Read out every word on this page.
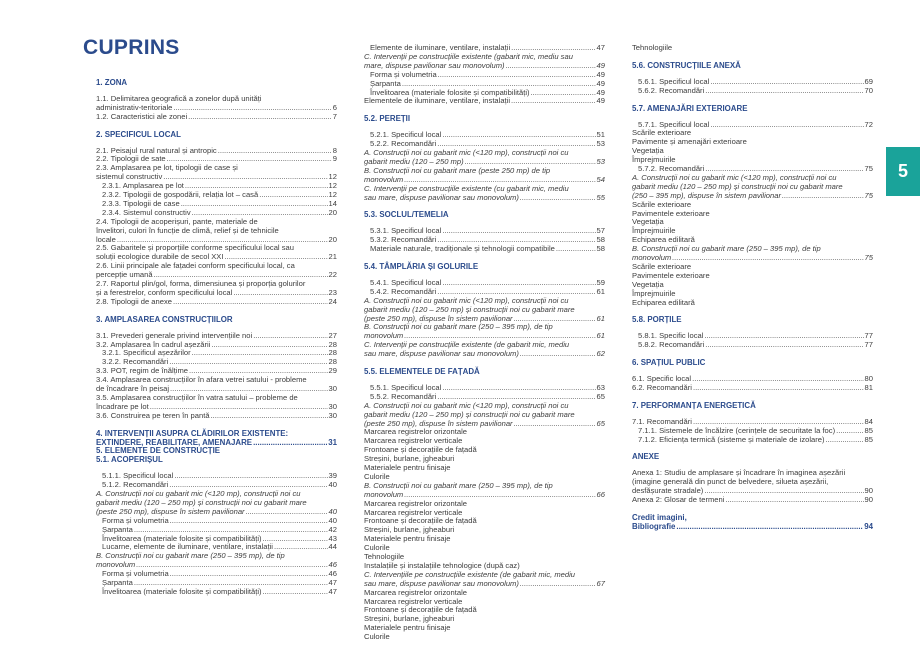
CUPRINS
5
1. ZONA
1.1. Delimitarea geografică a zonelor după unități
administrativ-teritoriale .....	6
1.2. Caracteristici ale zonei .....	7
2. SPECIFICUL LOCAL
2.1. Peisajul rural natural și antropic .....	8
2.2. Tipologii de sate .....	9
2.3. Amplasarea pe lot, tipologii de case și
sistemul constructiv .....	12
2.3.1. Amplasarea pe lot .....	12
2.3.2. Tipologii de gospodării, relația lot – casă .....	12
2.3.3. Tipologii de case .....	14
2.3.4. Sistemul constructiv .....	20
2.4. Tipologii de acoperișuri, pante, materiale de
învelitori, culori în funcție de climă, relief și de tehnicile
locale .....	20
2.5. Gabaritele și proporțiile conforme specificului local sau
soluții ecologice durabile de secol XXI .....	21
2.6. Linii principale ale fațadei conform specificului local, ca
percepție umană .....	22
2.7. Raportul plin/gol, forma, dimensiunea și proporția golurilor
și a ferestrelor, conform specificului local .....	23
2.8. Tipologii de anexe .....	24
3. AMPLASAREA CONSTRUCȚIILOR
3.1. Prevederi generale privind intervențiile noi .....	27
3.2. Amplasarea în cadrul așezării .....	28
3.2.1. Specificul așezărilor .....	28
3.2.2. Recomandări .....	28
3.3. POT, regim de înălțime .....	29
3.4. Amplasarea construcțiilor în afara vetrei satului - probleme
de încadrare în peisaj .....	30
3.5. Amplasarea construcțiilor în vatra satului – probleme de
încadrare pe lot .....	30
3.6. Construirea pe teren în pantă .....	30
4. INTERVENȚII ASUPRA CLĂDIRILOR EXISTENTE:
EXTINDERE, REABILITARE, AMENAJARE .....	31
5. ELEMENTE DE CONSTRUCȚIE
5.1. ACOPERIȘUL
5.1.1. Specificul local .....	39
5.1.2. Recomandări .....	40
A. Construcții noi cu gabarit mic (<120 mp), construcții noi cu
gabarit mediu (120 – 250 mp) și construcții noi cu gabarit mare
(peste 250 mp), dispuse în sistem pavilionar .....	40
Forma și volumetria .....	40
Șarpanta .....	42
Învelitoarea (materiale folosite și compatibilități) .....	43
Lucarne, elemente de iluminare, ventilare, instalații .....	44
B. Construcții noi cu gabarit mare (250 – 395 mp), de tip
monovolum .....	46
Forma și volumetria .....	46
Șarpanta .....	47
Învelitoarea (materiale folosite și compatibilități) .....	47
Elemente de iluminare, ventilare, instalații .....	47
C. Intervenții pe construcțiile existente (gabarit mic, mediu sau
mare, dispuse pavilionar sau monovolum) .....	49
Forma și volumetria .....	49
Șarpanta .....	49
Învelitoarea (materiale folosite și compatibilități) .....	49
Elementele de iluminare, ventilare, instalații .....	49
5.2. PEREȚII
5.2.1. Specificul local .....	51
5.2.2. Recomandări .....	53
A. Construcții noi cu gabarit mic (<120 mp), construcții noi cu
gabarit mediu (120 – 250 mp) .....	53
B. Construcții noi cu gabarit mare (peste 250 mp) de tip
monovolum .....	54
C. Intervenții pe construcțiile existente (cu gabarit mic, mediu
sau mare, dispuse pavilionar sau monovolum) .....	55
5.3. SOCLUL/TEMELIA
5.3.1. Specificul local .....	57
5.3.2. Recomandări .....	58
Materiale naturale, tradiționale și tehnologii compatibile .....	58
5.4. TÂMPLĂRIA ȘI GOLURILE
5.4.1. Specificul local .....	59
5.4.2. Recomandări .....	61
A. Construcții noi cu gabarit mic (<120 mp), construcții noi cu
gabarit mediu (120 – 250 mp) și construcții noi cu gabarit mare
(peste 250 mp), dispuse în sistem pavilionar .....	61
B. Construcții noi cu gabarit mare (250 – 395 mp), de tip
monovolum .....	61
C. Intervenții pe construcțiile existente (de gabarit mic, mediu
sau mare, dispuse pavilionar sau monovolum) .....	62
5.5. ELEMENTELE DE FAȚADĂ
5.5.1. Specificul local .....	63
5.5.2. Recomandări .....	65
A. Construcții noi cu gabarit mic (<120 mp), construcții noi cu
gabarit mediu (120 – 250 mp) și construcții noi cu gabarit mare
(peste 250 mp), dispuse în sistem pavilionar .....	65
Marcarea registrelor orizontale
Marcarea registrelor verticale
Frontoane și decorațiile de fațadă
Streșini, burlane, jgheaburi
Materialele pentru finisaje
Culorile
B. Construcții noi cu gabarit mare (250 – 395 mp), de tip
monovolum .....	66
Marcarea registrelor orizontale
Marcarea registrelor verticale
Frontoane și decorațiile de fațadă
Streșini, burlane, jgheaburi
Materialele pentru finisaje
Culorile
Tehnologiile
Instalațiile și instalațiile tehnologice (după caz)
C. Intervențiile pe construcțiile existente (de gabarit mic, mediu
sau mare, dispuse pavilionar sau monovolum) .....	67
Marcarea registrelor orizontale
Marcarea registrelor verticale
Frontoane și decorațiile de fațadă
Streșini, burlane, jgheaburi
Materialele pentru finisaje
Culorile
Tehnologiile
5.6. CONSTRUCȚIILE ANEXĂ
5.6.1. Specificul local .....	69
5.6.2. Recomandări .....	70
5.7. AMENAJĂRI EXTERIOARE
5.7.1. Specificul local .....	72
Scările exterioare
Pavimente și amenajări exterioare
Vegetația
Împrejmuirile
5.7.2. Recomandări .....	75
A. Construcții noi cu gabarit mic (<120 mp), construcții noi cu
gabarit mediu (120 – 250 mp) și construcții noi cu gabarit mare
(250 – 395 mp), dispuse în sistem pavilionar .....	75
Scările exterioare
Pavimentele exterioare
Vegetația
Împrejmuirile
Echiparea edilitară
B. Construcții noi cu gabarit mare (250 – 395 mp), de tip
monovolum .....	75
Scările exterioare
Pavimentele exterioare
Vegetația
Împrejmuirile
Echiparea edilitară
5.8. PORȚILE
5.8.1. Specific local .....	77
5.8.2. Recomandări .....	77
6. SPAȚIUL PUBLIC
6.1. Specific local .....	80
6.2. Recomandări .....	81
7. PERFORMANȚA ENERGETICĂ
7.1. Recomandări .....	84
7.1.1. Sistemele de încălzire (cerințele de securitate la foc) .....	85
7.1.2. Eficiența termică (sisteme și materiale de izolare) .....	85
ANEXE
Anexa 1: Studiu de amplasare și încadrare în imaginea așezării
(imagine generală din punct de belvedere, silueta așezării,
desfășurate stradale) .....	90
Anexa 2: Glosar de termeni .....	90
Credit imagini,
Bibliografie .....	94
